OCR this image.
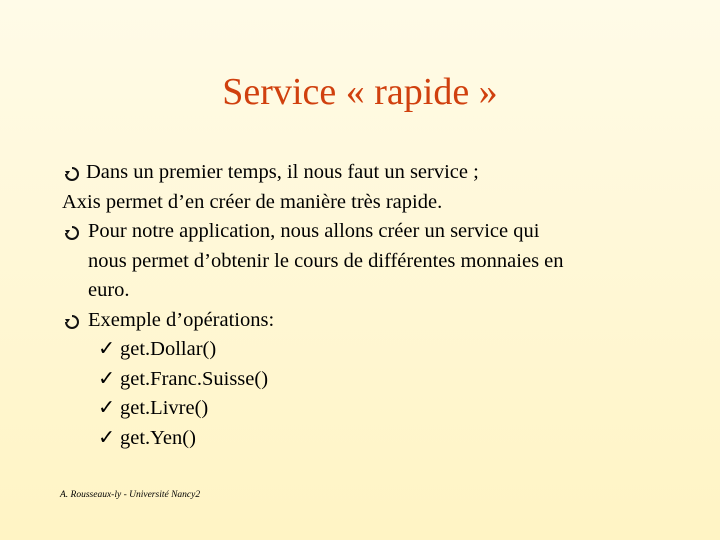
Service « rapide »
Dans un premier temps, il nous faut un service ;
Axis permet d’en créer de manière très rapide.
Pour notre application, nous allons créer un service qui
nous permet d’obtenir le cours de différentes monnaies en
euro.
Exemple d’opérations:
✓ get.Dollar()
✓ get.Franc.Suisse()
✓ get.Livre()
✓ get.Yen()
A. Rousseaux-ly - Université Nancy2
